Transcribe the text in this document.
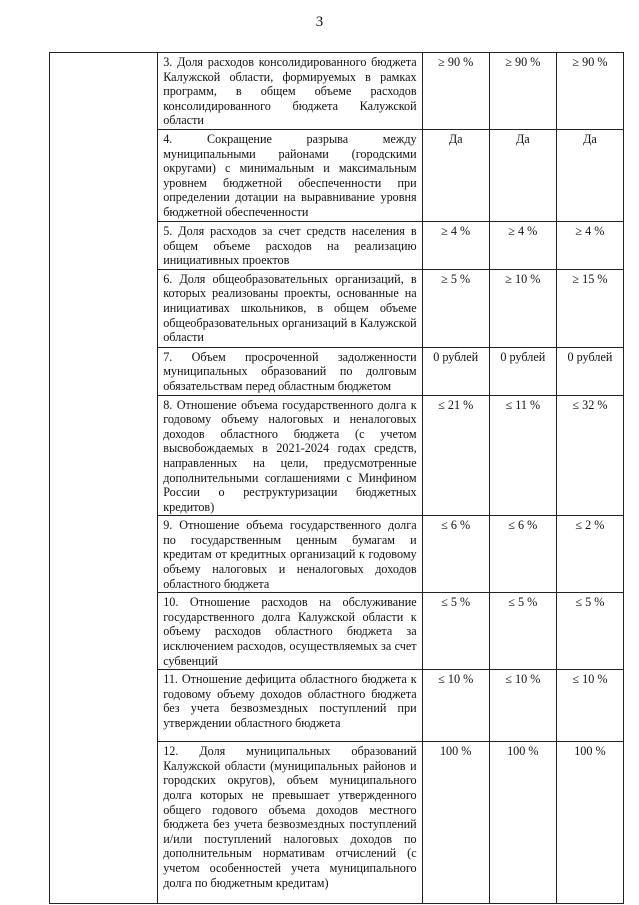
3
	3. Доля расходов консолидированного бюджета Калужской области, формируемых в рамках программ, в общем объеме расходов консолидированного бюджета Калужской области	≥ 90 %	≥ 90 %	≥ 90 %
	4. Сокращение разрыва между муниципальными районами (городскими округами) с минимальным и максимальным уровнем бюджетной обеспеченности при определении дотации на выравнивание уровня бюджетной обеспеченности	Да	Да	Да
	5. Доля расходов за счет средств населения в общем объеме расходов на реализацию инициативных проектов	≥ 4 %	≥ 4 %	≥ 4 %
	6. Доля общеобразовательных организаций, в которых реализованы проекты, основанные на инициативах школьников, в общем объеме общеобразовательных организаций в Калужской области	≥ 5 %	≥ 10 %	≥ 15 %
	7. Объем просроченной задолженности муниципальных образований по долговым обязательствам перед областным бюджетом	0 рублей	0 рублей	0 рублей
	8. Отношение объема государственного долга к годовому объему налоговых и неналоговых доходов областного бюджета (с учетом высвобождаемых в 2021-2024 годах средств, направленных на цели, предусмотренные дополнительными соглашениями с Минфином России о реструктуризации бюджетных кредитов)	≤ 21 %	≤ 11 %	≤ 32 %
	9. Отношение объема государственного долга по государственным ценным бумагам и кредитам от кредитных организаций к годовому объему налоговых и неналоговых доходов областного бюджета	≤ 6 %	≤ 6 %	≤ 2 %
	10. Отношение расходов на обслуживание государственного долга Калужской области к объему расходов областного бюджета за исключением расходов, осуществляемых за счет субвенций	≤ 5 %	≤ 5 %	≤ 5 %
	11. Отношение дефицита областного бюджета к годовому объему доходов областного бюджета без учета безвозмездных поступлений при утверждении областного бюджета	≤ 10 %	≤ 10 %	≤ 10 %
	12. Доля муниципальных образований Калужской области (муниципальных районов и городских округов), объем муниципального долга которых не превышает утвержденного общего годового объема доходов местного бюджета без учета безвозмездных поступлений и/или поступлений налоговых доходов по дополнительным нормативам отчислений (с учетом особенностей учета муниципального долга по бюджетным кредитам)	100 %	100 %	100 %
